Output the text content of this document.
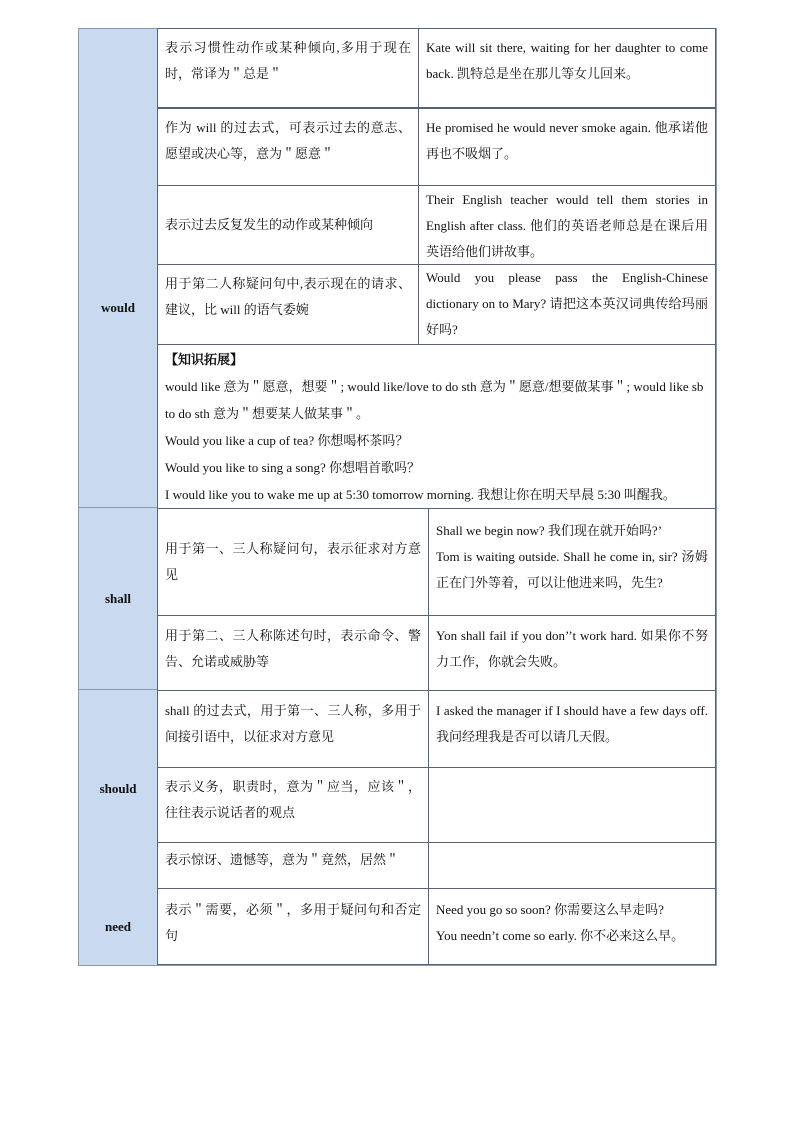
表示习惯性动作或某种倾向,多用于现在时，常译为＂总是＂
Kate will sit there, waiting for her daughter to come back. 凯特总是坐在那儿等女儿回来。
would
作为 will 的过去式，可表示过去的意志、愿望或决心等，意为＂愿意＂
He promised he would never smoke again. 他承诺他再也不吸烟了。
表示过去反复发生的动作或某种倾向
Their English teacher would tell them stories in English after class. 他们的英语老师总是在课后用英语给他们讲故事。
用于第二人称疑问句中,表示现在的请求、建议，比 will 的语气委婉
Would you please pass the English-Chinese dictionary on to Mary? 请把这本英汉词典传给玛丽好吗?

【知识拓展】

would like 意为＂愿意，想要＂; would like/love to do sth 意为＂愿意/想要做某事＂; would like sb to do sth 意为＂想要某人做某事＂。

Would you like a cup of tea? 你想喝杯茶吗？

Would you like to sing a song? 你想唱首歌吗？

I would like you to wake me up at 5:30 tomorrow morning. 我想让你在明天早晨 5:30 叫醒我。

shall
用于第一、三人称疑问句，表示征求对方意见
Shall we begin now? 我们现在就开始吗?’
Tom is waiting outside. Shall he come in, sir? 汤姆正在门外等着，可以让他进来吗，先生?
用于第二、三人称陈述句时，表示命令、警告、允诺或威胁等
Yon shall fail if you don’’t work hard. 如果你不努力工作，你就会失败。
should
shall 的过去式，用于第一、三人称，多用于间接引语中，以征求对方意见
I asked the manager if I should have a few days off. 我问经理我是否可以请几天假。
表示义务，职责时，意为＂应当，应该＂，往往表示说话者的观点
表示惊讶、遗憾等，意为＂竟然，居然＂
need
表示＂需要，必须＂，多用于疑问句和否定句
Need you go so soon? 你需要这么早走吗?
You needn’t come so early. 你不必来这么早。
